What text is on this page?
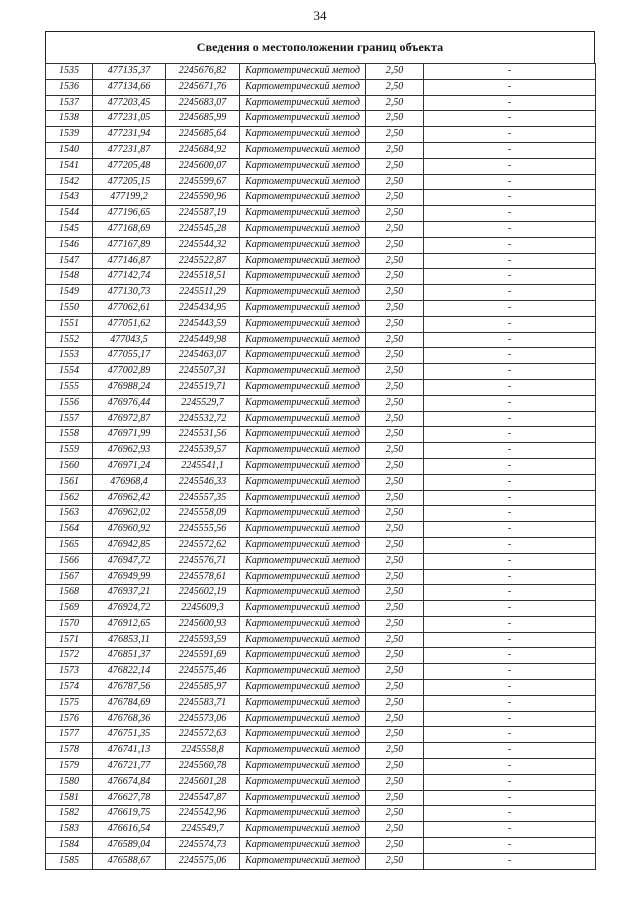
34
Сведения о местоположении границ объекта
1535	477135,37	2245676,82	Картометрический метод	2,50	-
1536	477134,66	2245671,76	Картометрический метод	2,50	-
1537	477203,45	2245683,07	Картометрический метод	2,50	-
1538	477231,05	2245685,99	Картометрический метод	2,50	-
1539	477231,94	2245685,64	Картометрический метод	2,50	-
1540	477231,87	2245684,92	Картометрический метод	2,50	-
1541	477205,48	2245600,07	Картометрический метод	2,50	-
1542	477205,15	2245599,67	Картометрический метод	2,50	-
1543	477199,2	2245590,96	Картометрический метод	2,50	-
1544	477196,65	2245587,19	Картометрический метод	2,50	-
1545	477168,69	2245545,28	Картометрический метод	2,50	-
1546	477167,89	2245544,32	Картометрический метод	2,50	-
1547	477146,87	2245522,87	Картометрический метод	2,50	-
1548	477142,74	2245518,51	Картометрический метод	2,50	-
1549	477130,73	2245511,29	Картометрический метод	2,50	-
1550	477062,61	2245434,95	Картометрический метод	2,50	-
1551	477051,62	2245443,59	Картометрический метод	2,50	-
1552	477043,5	2245449,98	Картометрический метод	2,50	-
1553	477055,17	2245463,07	Картометрический метод	2,50	-
1554	477002,89	2245507,31	Картометрический метод	2,50	-
1555	476988,24	2245519,71	Картометрический метод	2,50	-
1556	476976,44	2245529,7	Картометрический метод	2,50	-
1557	476972,87	2245532,72	Картометрический метод	2,50	-
1558	476971,99	2245531,56	Картометрический метод	2,50	-
1559	476962,93	2245539,57	Картометрический метод	2,50	-
1560	476971,24	2245541,1	Картометрический метод	2,50	-
1561	476968,4	2245546,33	Картометрический метод	2,50	-
1562	476962,42	2245557,35	Картометрический метод	2,50	-
1563	476962,02	2245558,09	Картометрический метод	2,50	-
1564	476960,92	2245555,56	Картометрический метод	2,50	-
1565	476942,85	2245572,62	Картометрический метод	2,50	-
1566	476947,72	2245576,71	Картометрический метод	2,50	-
1567	476949,99	2245578,61	Картометрический метод	2,50	-
1568	476937,21	2245602,19	Картометрический метод	2,50	-
1569	476924,72	2245609,3	Картометрический метод	2,50	-
1570	476912,65	2245600,93	Картометрический метод	2,50	-
1571	476853,11	2245593,59	Картометрический метод	2,50	-
1572	476851,37	2245591,69	Картометрический метод	2,50	-
1573	476822,14	2245575,46	Картометрический метод	2,50	-
1574	476787,56	2245585,97	Картометрический метод	2,50	-
1575	476784,69	2245583,71	Картометрический метод	2,50	-
1576	476768,36	2245573,06	Картометрический метод	2,50	-
1577	476751,35	2245572,63	Картометрический метод	2,50	-
1578	476741,13	2245558,8	Картометрический метод	2,50	-
1579	476721,77	2245560,78	Картометрический метод	2,50	-
1580	476674,84	2245601,28	Картометрический метод	2,50	-
1581	476627,78	2245547,87	Картометрический метод	2,50	-
1582	476619,75	2245542,96	Картометрический метод	2,50	-
1583	476616,54	2245549,7	Картометрический метод	2,50	-
1584	476589,04	2245574,73	Картометрический метод	2,50	-
1585	476588,67	2245575,06	Картометрический метод	2,50	-
